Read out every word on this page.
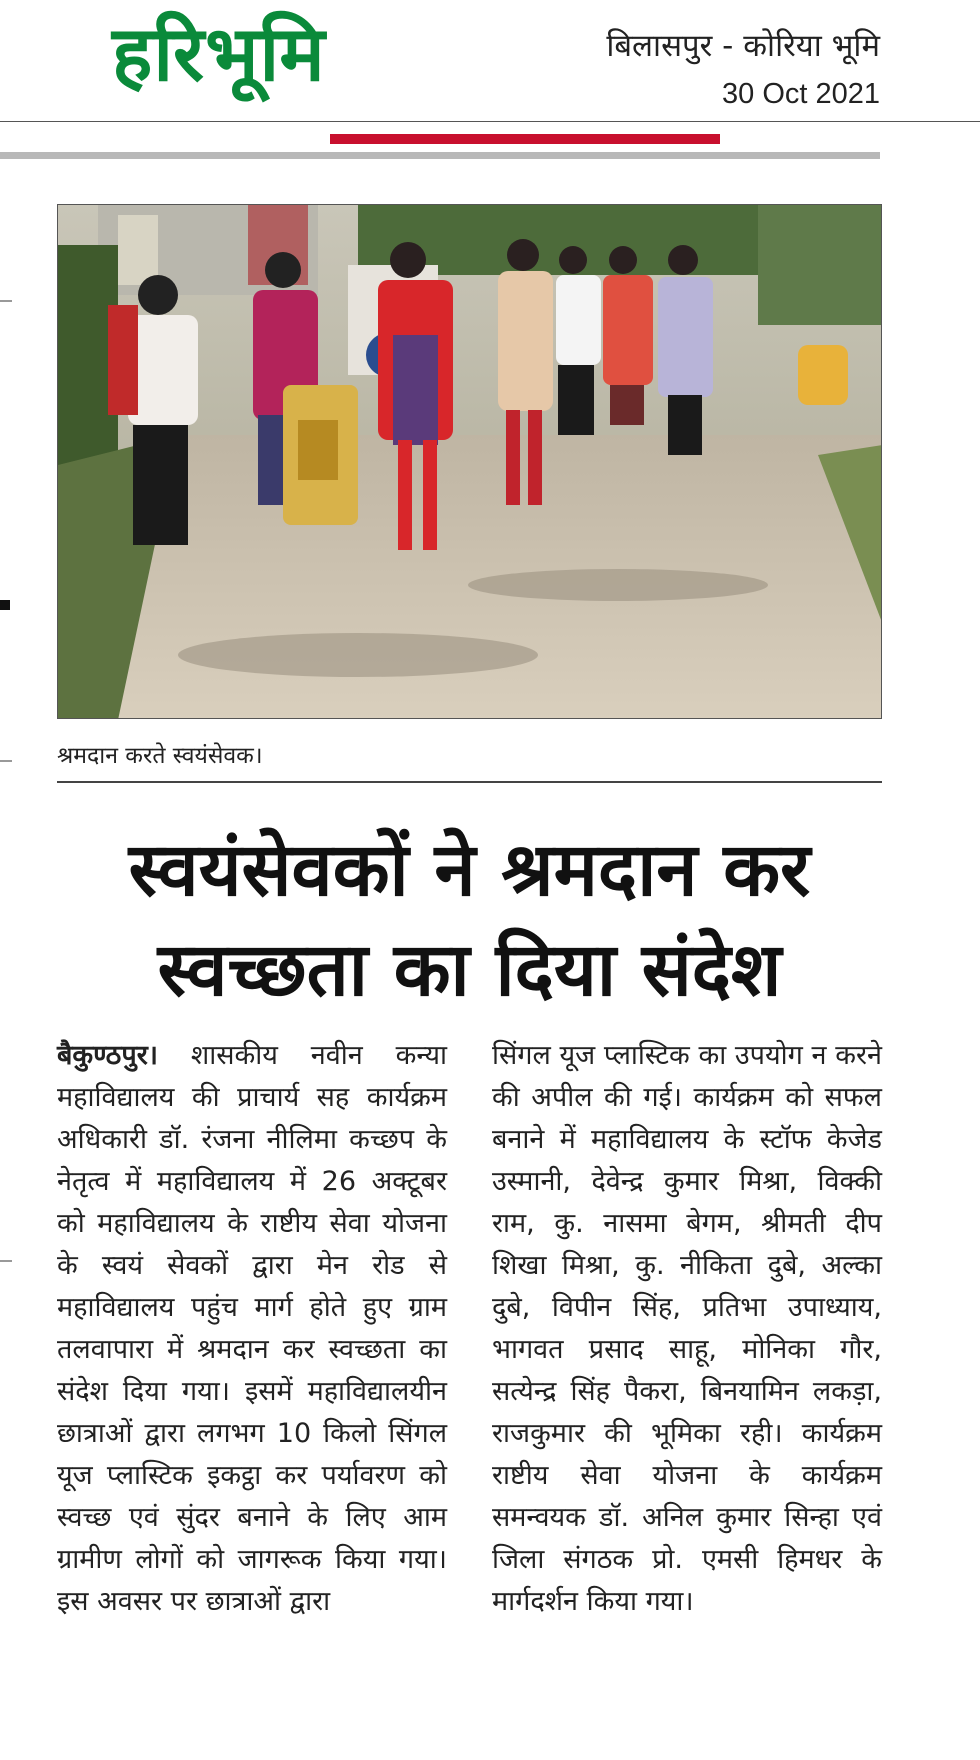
हरिभूमि	बिलासपुर - कोरिया भूमि
30 Oct 2021
श्रमदान करते स्वयंसेवक।
स्वयंसेवकों ने श्रमदान कर
स्वच्छता का दिया संदेश
बैकुण्ठपुर। शासकीय नवीन कन्या महाविद्यालय की प्राचार्य सह कार्यक्रम अधिकारी डॉ. रंजना नीलिमा कच्छप के नेतृत्व में महाविद्यालय में 26 अक्टूबर को महाविद्यालय के राष्टीय सेवा योजना के स्वयं सेवकों द्वारा मेन रोड से महाविद्यालय पहुंच मार्ग होते हुए ग्राम तलवापारा में श्रमदान कर स्वच्छता का संदेश दिया गया। इसमें महाविद्यालयीन छात्राओं द्वारा लगभग 10 किलो सिंगल यूज प्लास्टिक इकट्ठा कर पर्यावरण को स्वच्छ एवं सुंदर बनाने के लिए आम ग्रामीण लोगों को जागरूक किया गया। इस अवसर पर छात्राओं द्वारा
सिंगल यूज प्लास्टिक का उपयोग न करने की अपील की गई। कार्यक्रम को सफल बनाने में महाविद्यालय के स्टॉफ केजेड उस्मानी, देवेन्द्र कुमार मिश्रा, विक्की राम, कु. नासमा बेगम, श्रीमती दीप शिखा मिश्रा, कु. नीकिता दुबे, अल्का दुबे, विपीन सिंह, प्रतिभा उपाध्याय, भागवत प्रसाद साहू, मोनिका गौर, सत्येन्द्र सिंह पैकरा, बिनयामिन लकड़ा, राजकुमार की भूमिका रही। कार्यक्रम राष्टीय सेवा योजना के कार्यक्रम समन्वयक डॉ. अनिल कुमार सिन्हा एवं जिला संगठक प्रो. एमसी हिमधर के मार्गदर्शन किया गया।
